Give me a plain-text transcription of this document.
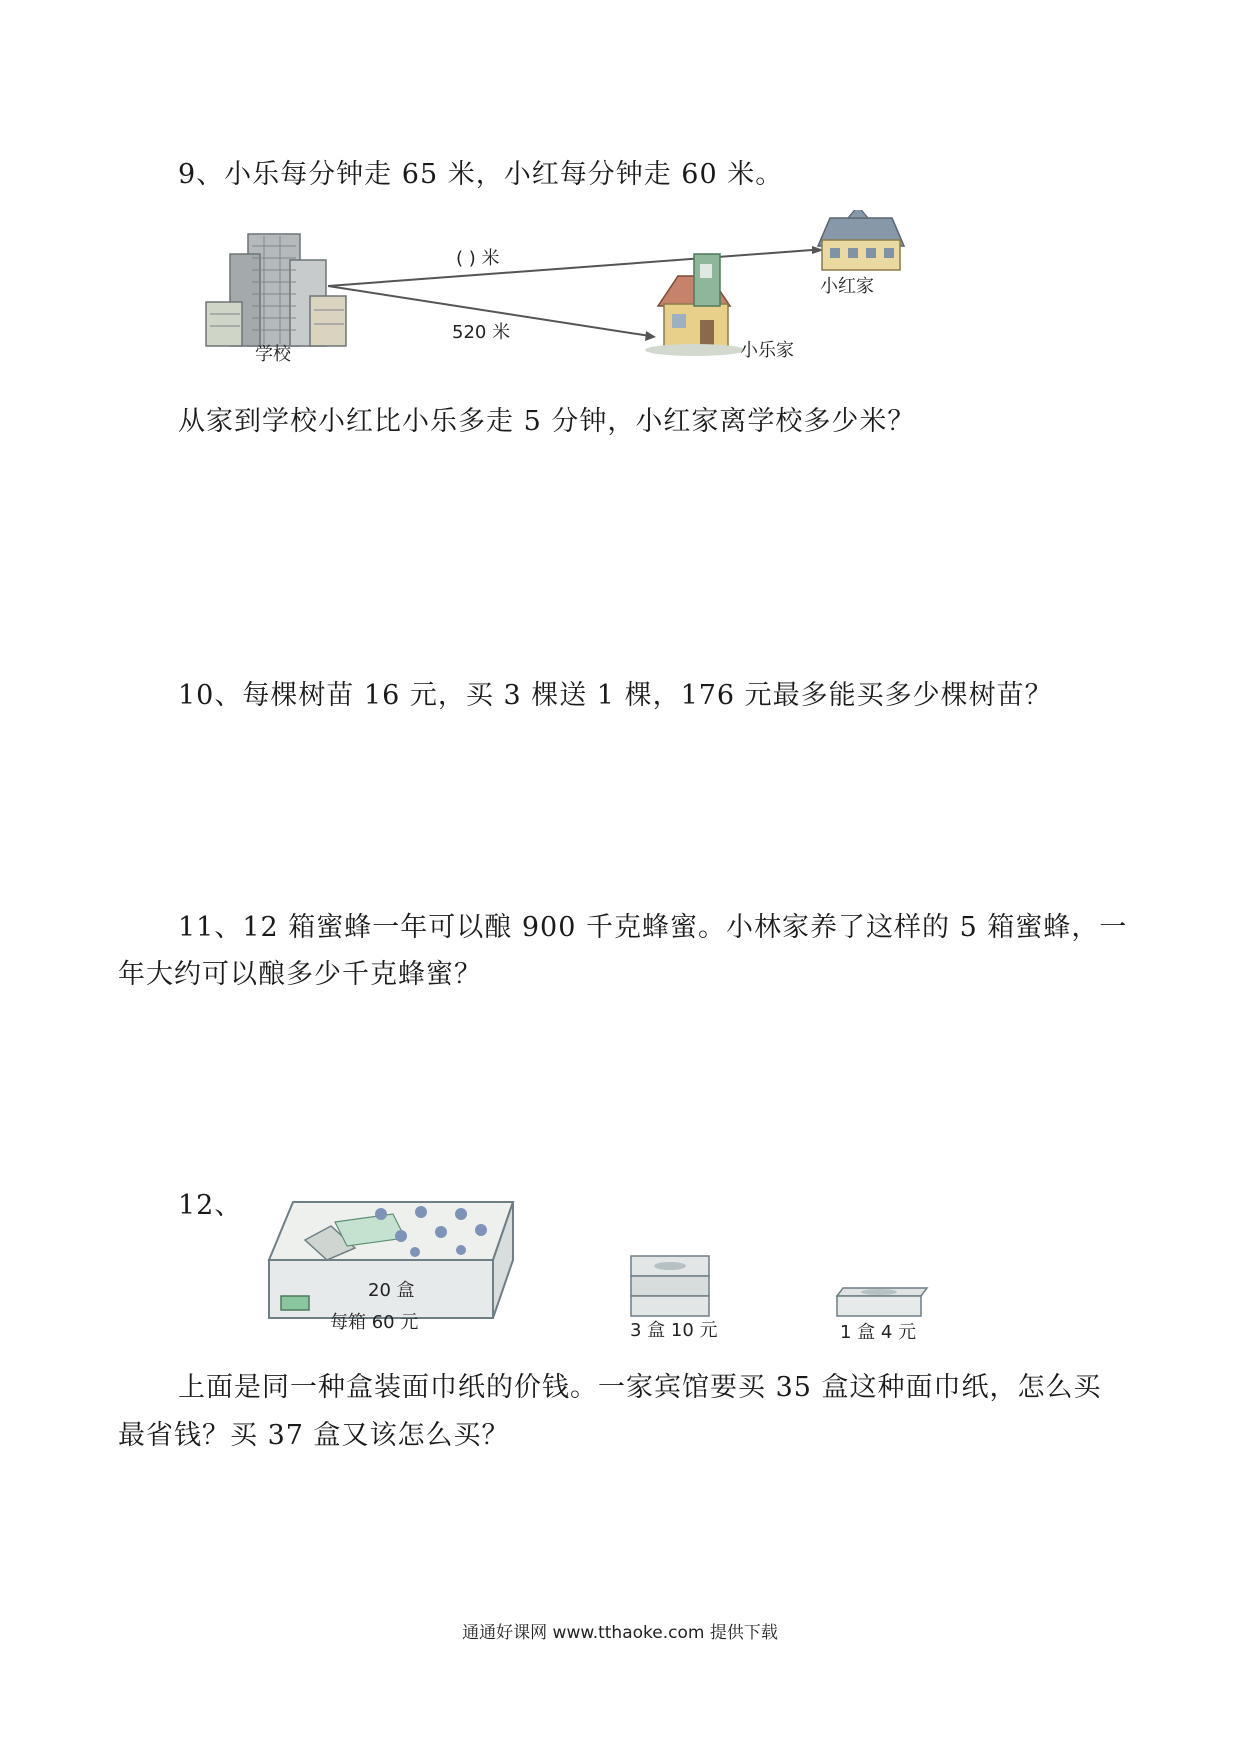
9、小乐每分钟走 65 米，小红每分钟走 60 米。
学校
小红家
小乐家
( ) 米
520 米
从家到学校小红比小乐多走 5 分钟，小红家离学校多少米？
10、每棵树苗 16 元，买 3 棵送 1 棵，176 元最多能买多少棵树苗？
11、12 箱蜜蜂一年可以酿 900 千克蜂蜜。小林家养了这样的 5 箱蜜蜂，一
年大约可以酿多少千克蜂蜜？
12、
20 盒
每箱 60 元	3 盒 10 元	1 盒 4 元
上面是同一种盒装面巾纸的价钱。一家宾馆要买 35 盒这种面巾纸，怎么买
最省钱？买 37 盒又该怎么买？
通通好课网 www.tthaoke.com 提供下载
